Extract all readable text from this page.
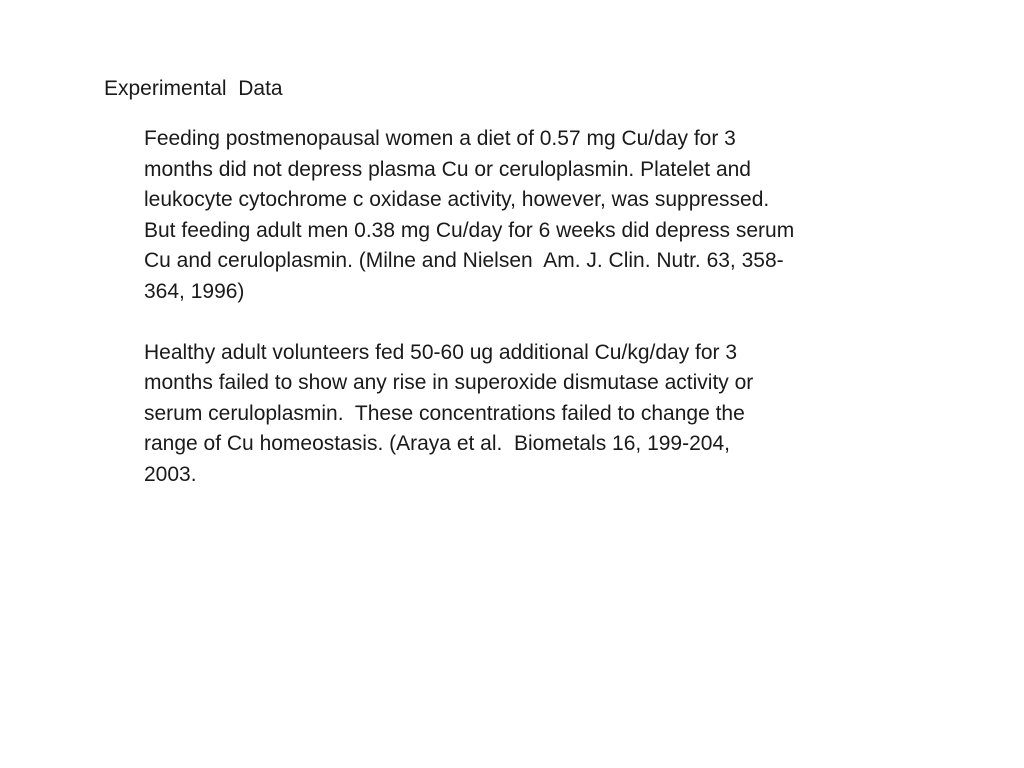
Experimental  Data

Feeding postmenopausal women a diet of 0.57 mg Cu/day for 3
months did not depress plasma Cu or ceruloplasmin. Platelet and
leukocyte cytochrome c oxidase activity, however, was suppressed.
But feeding adult men 0.38 mg Cu/day for 6 weeks did depress serum
Cu and ceruloplasmin. (Milne and Nielsen  Am. J. Clin. Nutr. 63, 358-
364, 1996)

Healthy adult volunteers fed 50-60 ug additional Cu/kg/day for 3
months failed to show any rise in superoxide dismutase activity or
serum ceruloplasmin.  These concentrations failed to change the
range of Cu homeostasis. (Araya et al.  Biometals 16, 199-204,
2003.
